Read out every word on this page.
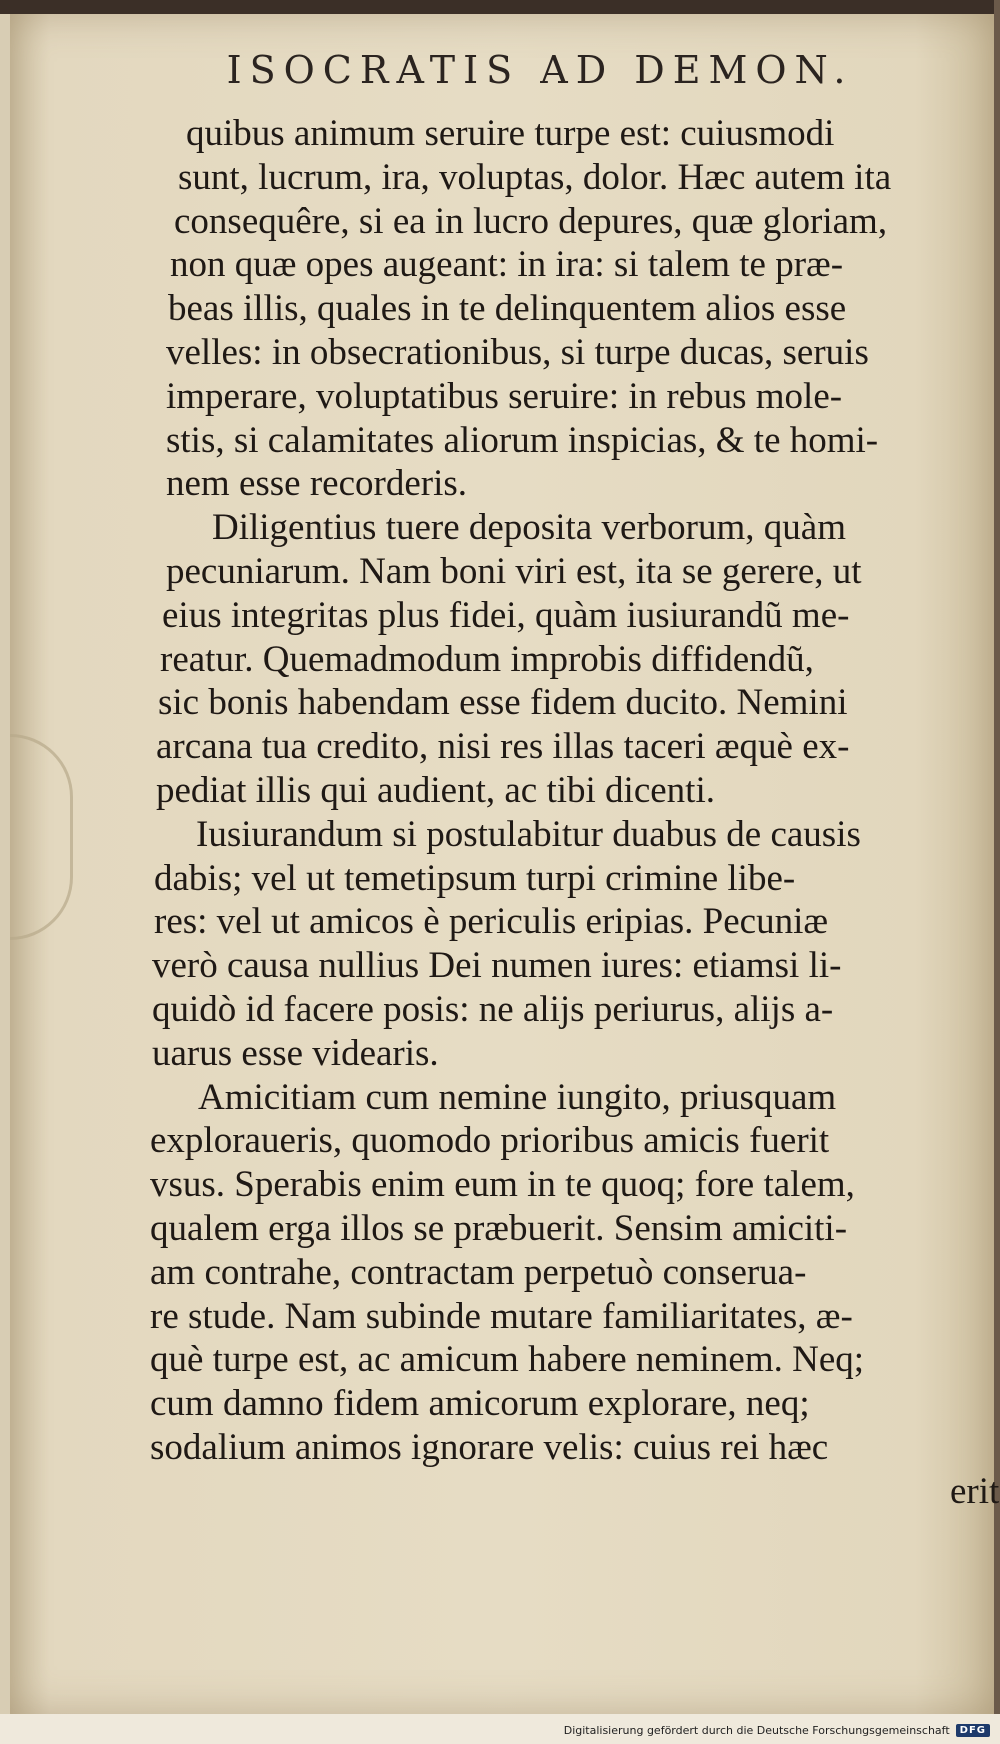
ISOCRATIS AD DEMON.
quibus animum seruire turpe est: cuiusmodi
sunt, lucrum, ira, voluptas, dolor. Hæc autem ita
consequêre, si ea in lucro depures, quæ gloriam,
non quæ opes augeant: in ira: si talem te præ-
beas illis, quales in te delinquentem alios esse
velles: in obsecrationibus, si turpe ducas, seruis
imperare, voluptatibus seruire: in rebus mole-
stis, si calamitates aliorum inspicias, & te homi-
nem esse recorderis.
Diligentius tuere deposita verborum, quàm
pecuniarum. Nam boni viri est, ita se gerere, ut
eius integritas plus fidei, quàm iusiurandũ me-
reatur. Quemadmodum improbis diffidendũ,
sic bonis habendam esse fidem ducito. Nemini
arcana tua credito, nisi res illas taceri æquè ex-
pediat illis qui audient, ac tibi dicenti.
Iusiurandum si postulabitur duabus de causis
dabis; vel ut temetipsum turpi crimine libe-
res: vel ut amicos è periculis eripias. Pecuniæ
verò causa nullius Dei numen iures: etiamsi li-
quidò id facere posis: ne alijs periurus, alijs a-
uarus esse videaris.
Amicitiam cum nemine iungito, priusquam
exploraueris, quomodo prioribus amicis fuerit
vsus. Sperabis enim eum in te quoq; fore talem,
qualem erga illos se præbuerit. Sensim amiciti-
am contrahe, contractam perpetuò conserua-
re stude. Nam subinde mutare familiaritates, æ-
què turpe est, ac amicum habere neminem. Neq;
cum damno fidem amicorum explorare, neq;
sodalium animos ignorare velis: cuius rei hæc
erit
Digitalisierung gefördert durch die Deutsche Forschungsgemeinschaft	DFG
